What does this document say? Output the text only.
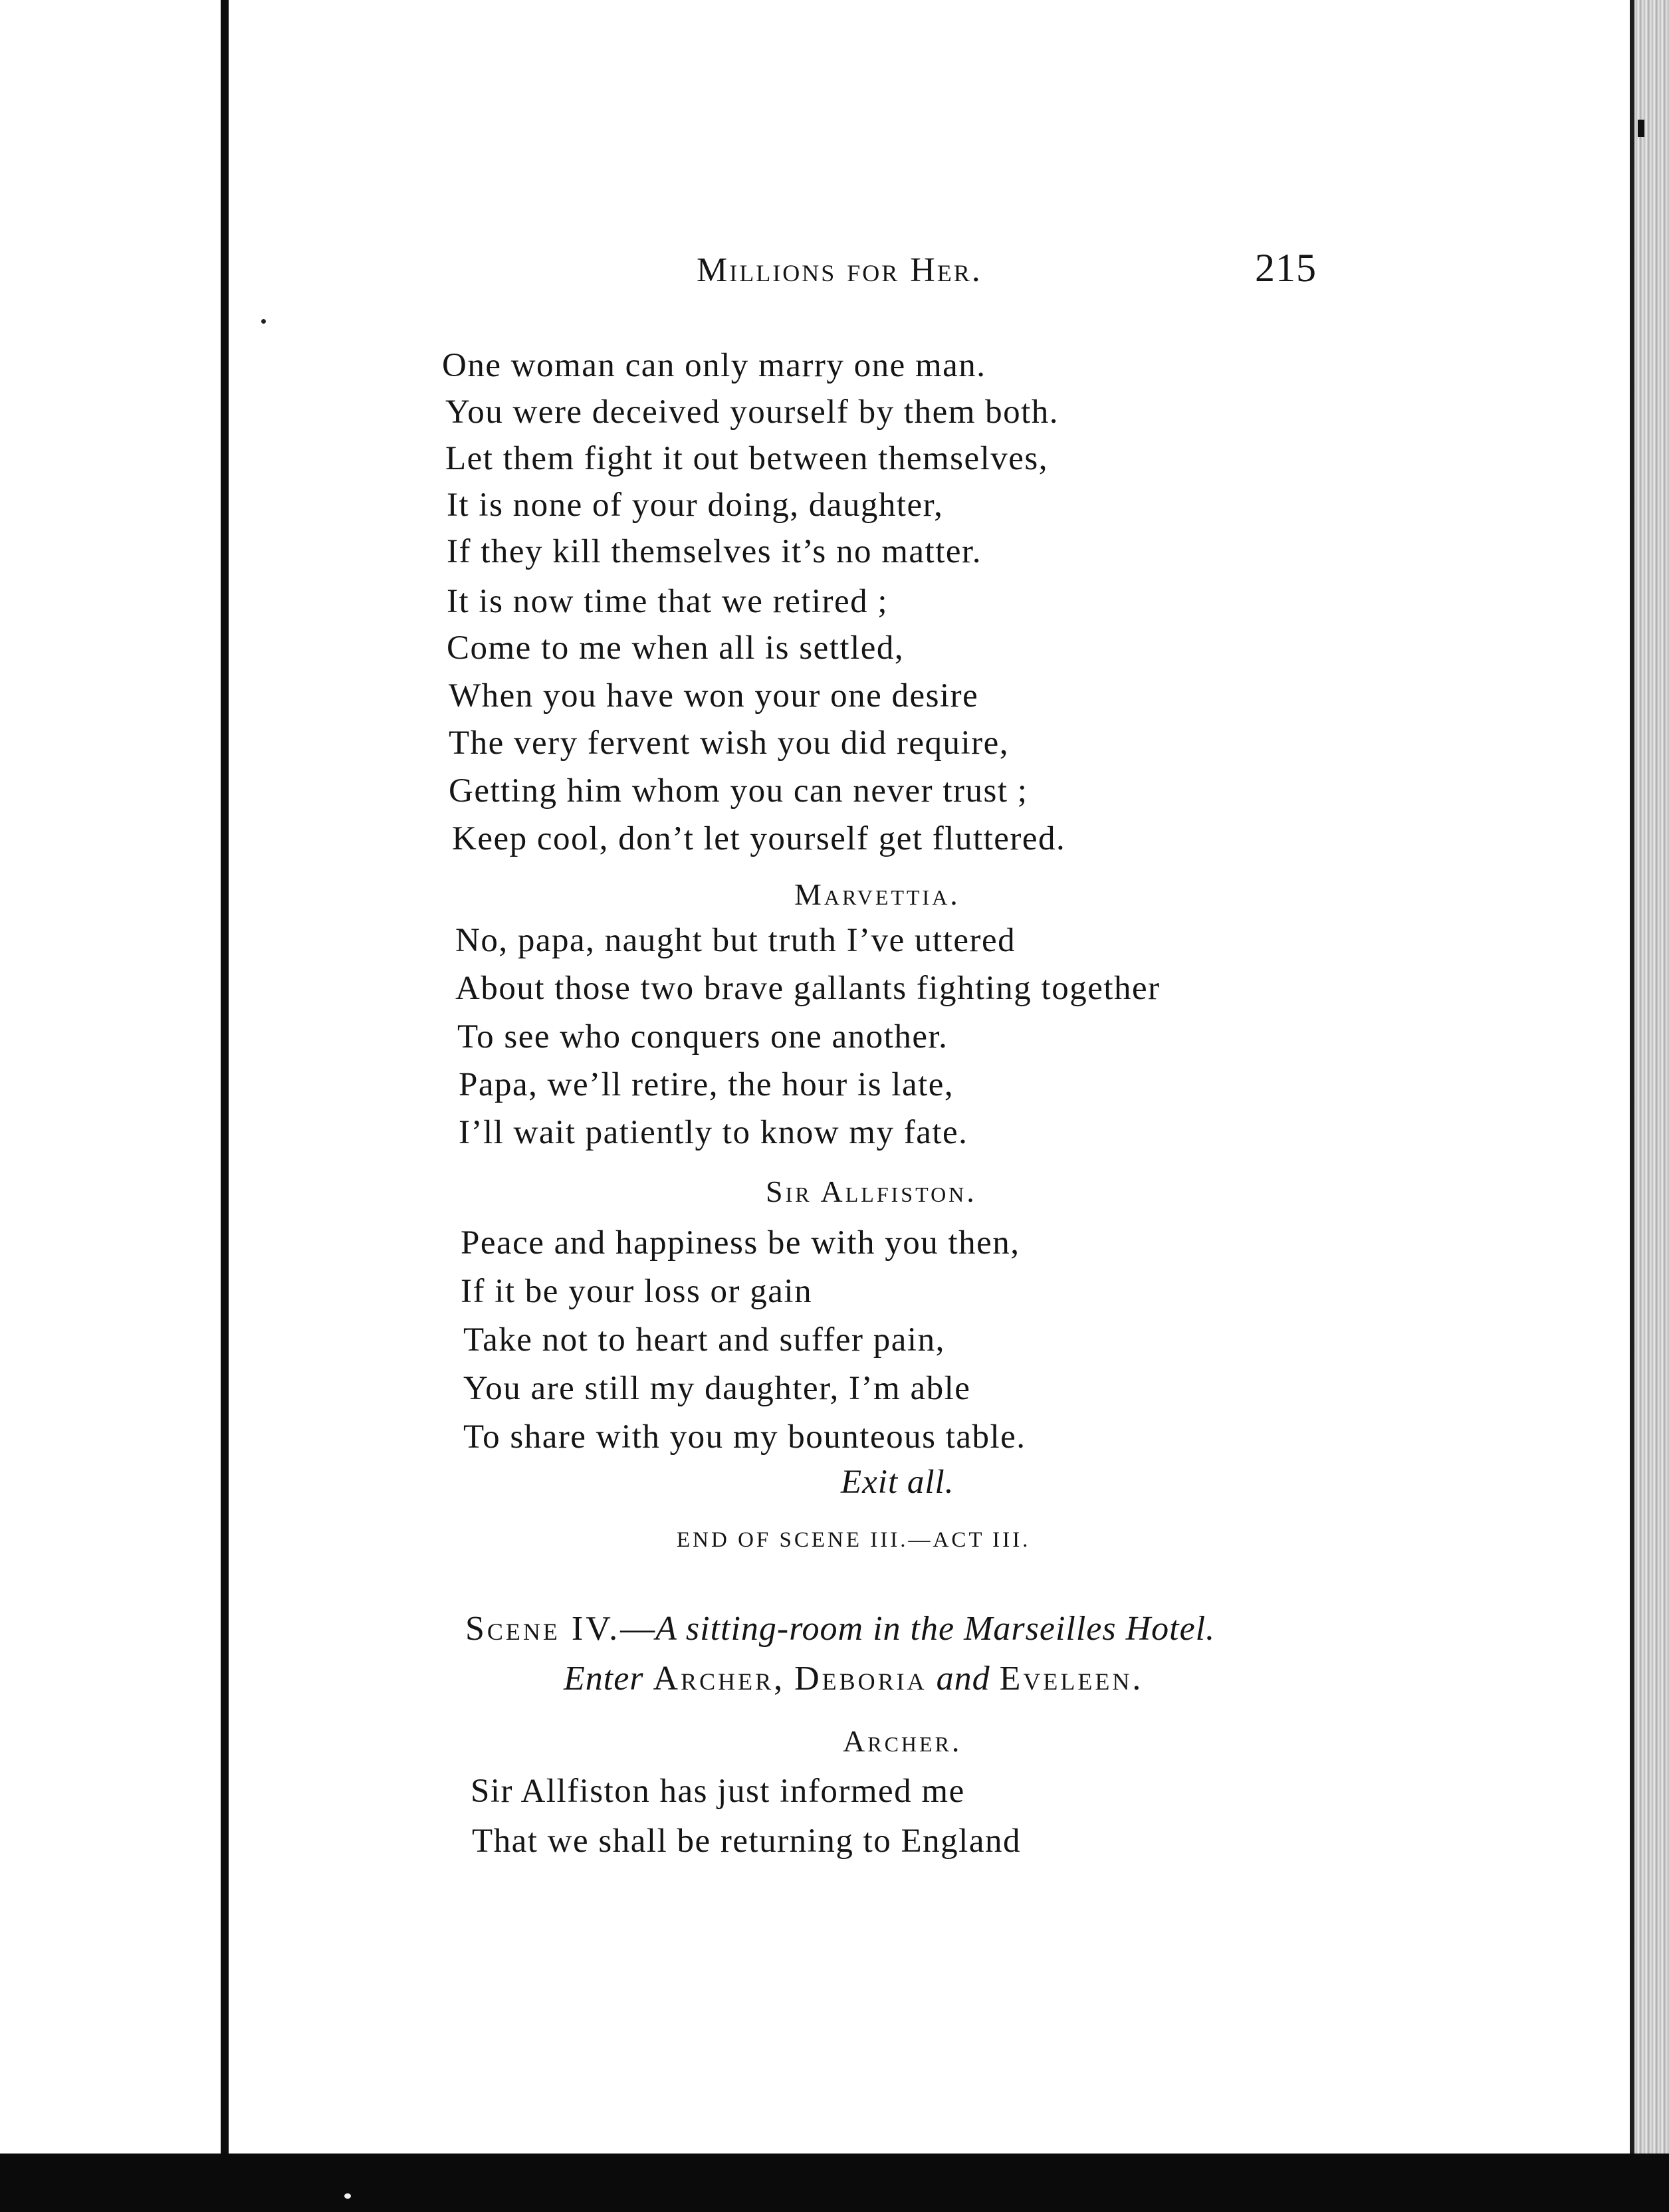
Millions for Her.	215
One woman can only marry one man.
You were deceived yourself by them both.
Let them fight it out between themselves,
It is none of your doing, daughter,
If they kill themselves it’s no matter.
It is now time that we retired ;
Come to me when all is settled,
When you have won your one desire
The very fervent wish you did require,
Getting him whom you can never trust ;
Keep cool, don’t let yourself get fluttered.
Marvettia.
No, papa, naught but truth I’ve uttered
About those two brave gallants fighting together
To see who conquers one another.
Papa, we’ll retire, the hour is late,
I’ll wait patiently to know my fate.
Sir Allfiston.
Peace and happiness be with you then,
If it be your loss or gain
Take not to heart and suffer pain,
You are still my daughter, I’m able
To share with you my bounteous table.
Exit all.
END OF SCENE III.—ACT III.
Scene IV.—A sitting-room in the Marseilles Hotel.
Enter Archer, Deboria and Eveleen.
Archer.
Sir Allfiston has just informed me
That we shall be returning to England
